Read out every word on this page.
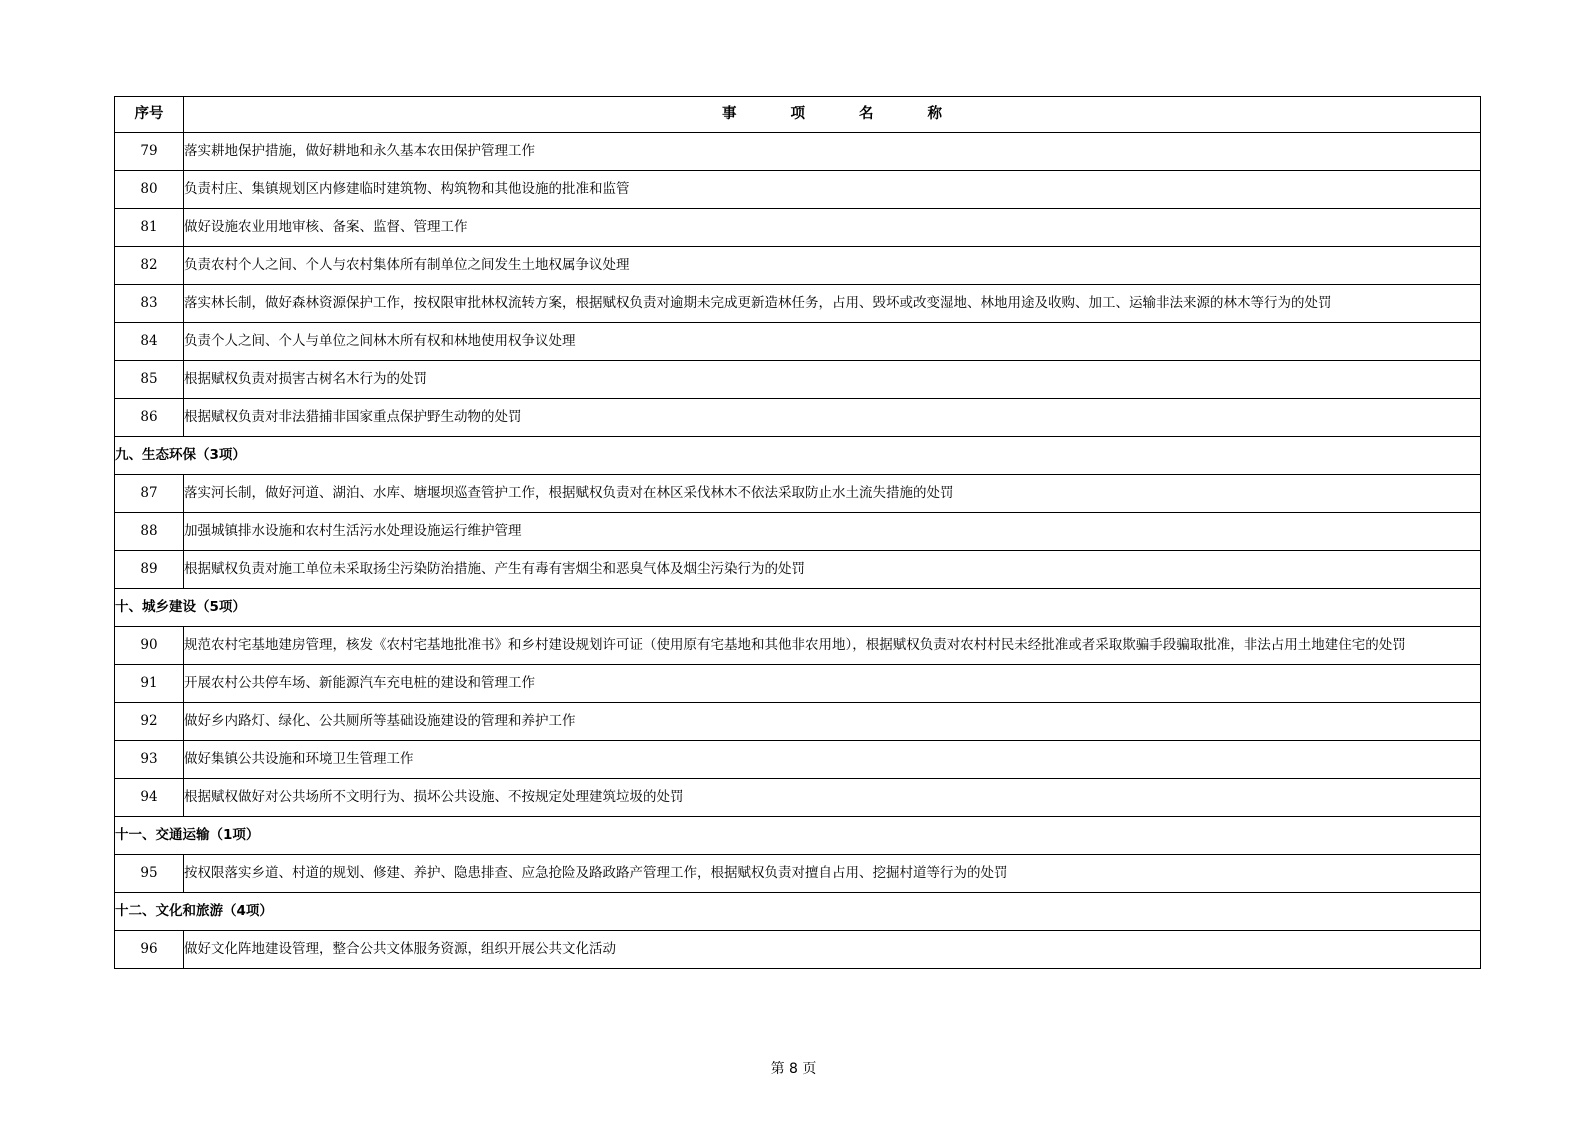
序号	事 项 名 称
79	落实耕地保护措施，做好耕地和永久基本农田保护管理工作
80	负责村庄、集镇规划区内修建临时建筑物、构筑物和其他设施的批准和监管
81	做好设施农业用地审核、备案、监督、管理工作
82	负责农村个人之间、个人与农村集体所有制单位之间发生土地权属争议处理
83	落实林长制，做好森林资源保护工作，按权限审批林权流转方案，根据赋权负责对逾期未完成更新造林任务，占用、毁坏或改变湿地、林地用途及收购、加工、运输非法来源的林木等行为的处罚
84	负责个人之间、个人与单位之间林木所有权和林地使用权争议处理
85	根据赋权负责对损害古树名木行为的处罚
86	根据赋权负责对非法猎捕非国家重点保护野生动物的处罚
九、生态环保（3项）	
87	落实河长制，做好河道、湖泊、水库、塘堰坝巡查管护工作，根据赋权负责对在林区采伐林木不依法采取防止水土流失措施的处罚
88	加强城镇排水设施和农村生活污水处理设施运行维护管理
89	根据赋权负责对施工单位未采取扬尘污染防治措施、产生有毒有害烟尘和恶臭气体及烟尘污染行为的处罚
十、城乡建设（5项）	
90	规范农村宅基地建房管理，核发《农村宅基地批准书》和乡村建设规划许可证（使用原有宅基地和其他非农用地），根据赋权负责对农村村民未经批准或者采取欺骗手段骗取批准，非法占用土地建住宅的处罚
91	开展农村公共停车场、新能源汽车充电桩的建设和管理工作
92	做好乡内路灯、绿化、公共厕所等基础设施建设的管理和养护工作
93	做好集镇公共设施和环境卫生管理工作
94	根据赋权做好对公共场所不文明行为、损坏公共设施、不按规定处理建筑垃圾的处罚
十一、交通运输（1项）	
95	按权限落实乡道、村道的规划、修建、养护、隐患排查、应急抢险及路政路产管理工作，根据赋权负责对擅自占用、挖掘村道等行为的处罚
十二、文化和旅游（4项）	
96	做好文化阵地建设管理，整合公共文体服务资源，组织开展公共文化活动
第 8 页
